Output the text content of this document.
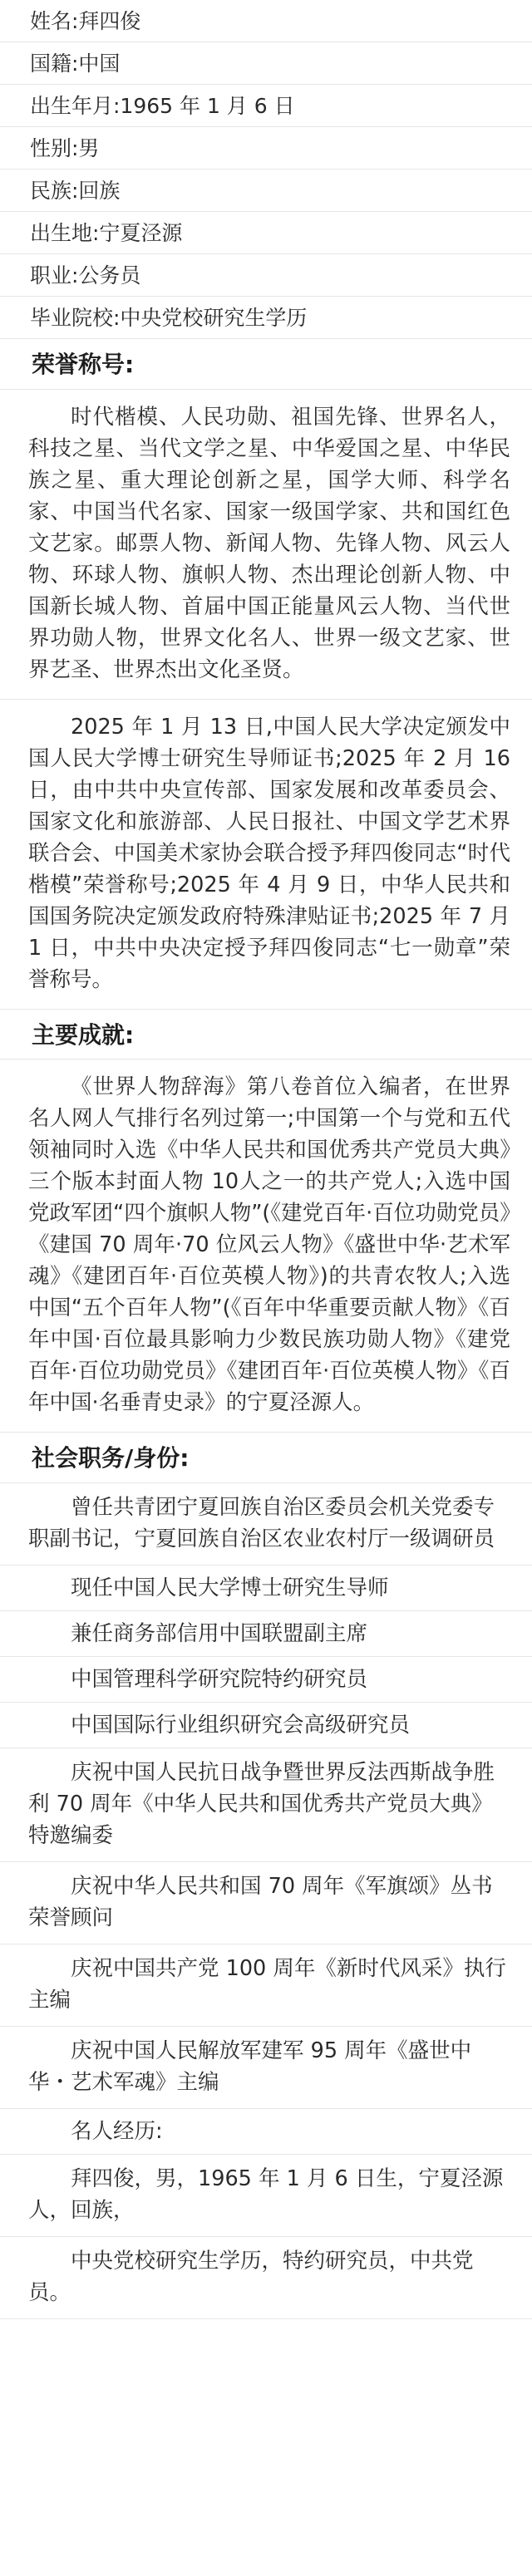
姓名:拜四俊
国籍:中国
出生年月:1965 年 1 月 6 日
性别:男
民族:回族
出生地:宁夏泾源
职业:公务员
毕业院校:中央党校研究生学历
荣誉称号:
时代楷模、人民功勋、祖国先锋、世界名人，科技之星、当代文学之星、中华爱国之星、中华民族之星、重大理论创新之星，国学大师、科学名家、中国当代名家、国家一级国学家、共和国红色文艺家。邮票人物、新闻人物、先锋人物、风云人物、环球人物、旗帜人物、杰出理论创新人物、中国新长城人物、首届中国正能量风云人物、当代世界功勋人物，世界文化名人、世界一级文艺家、世界艺圣、世界杰出文化圣贤。
2025 年 1 月 13 日,中国人民大学决定颁发中国人民大学博士研究生导师证书;2025 年 2 月 16 日，由中共中央宣传部、国家发展和改革委员会、国家文化和旅游部、人民日报社、中国文学艺术界联合会、中国美术家协会联合授予拜四俊同志“时代楷模”荣誉称号;2025 年 4 月 9 日，中华人民共和国国务院决定颁发政府特殊津贴证书;2025 年 7 月 1 日，中共中央决定授予拜四俊同志“七一勋章”荣誉称号。
主要成就:
《世界人物辞海》第八卷首位入编者，在世界名人网人气排行名列过第一;中国第一个与党和五代领袖同时入选《中华人民共和国优秀共产党员大典》三个版本封面人物 10人之一的共产党人;入选中国党政军团“四个旗帜人物”(《建党百年·百位功勋党员》《建国 70 周年·70 位风云人物》《盛世中华·艺术军魂》《建团百年·百位英模人物》)的共青农牧人;入选中国“五个百年人物”(《百年中华重要贡献人物》《百年中国·百位最具影响力少数民族功勋人物》《建党百年·百位功勋党员》《建团百年·百位英模人物》《百年中国·名垂青史录》的宁夏泾源人。
社会职务/身份:
曾任共青团宁夏回族自治区委员会机关党委专职副书记，宁夏回族自治区农业农村厅一级调研员
现任中国人民大学博士研究生导师
兼任商务部信用中国联盟副主席
中国管理科学研究院特约研究员
中国国际行业组织研究会高级研究员
庆祝中国人民抗日战争暨世界反法西斯战争胜利 70 周年《中华人民共和国优秀共产党员大典》特邀编委
庆祝中华人民共和国 70 周年《军旗颂》丛书荣誉顾问
庆祝中国共产党 100 周年《新时代风采》执行主编
庆祝中国人民解放军建军 95 周年《盛世中华・艺术军魂》主编
名人经历:
拜四俊，男，1965 年 1 月 6 日生，宁夏泾源人，回族，
中央党校研究生学历，特约研究员，中共党员。
